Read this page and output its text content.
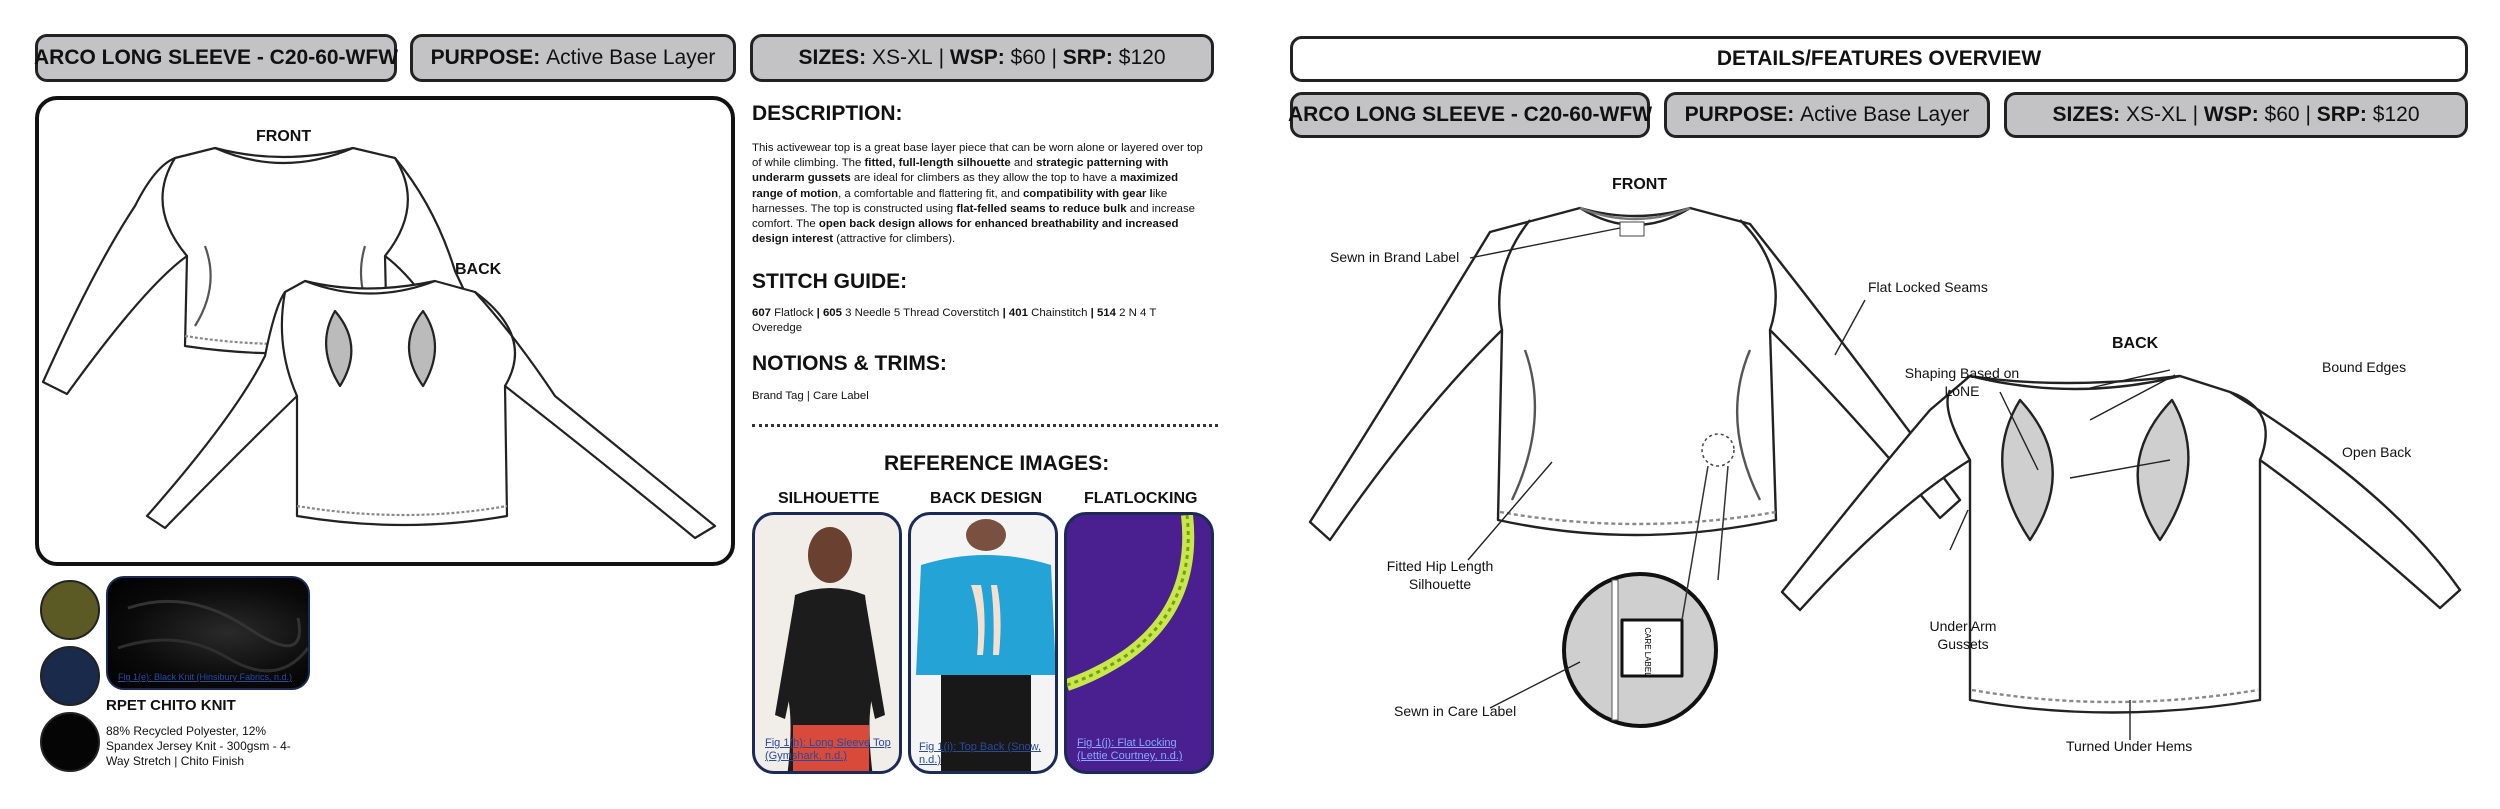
ARCO LONG SLEEVE - C20-60-WFW PURPOSE:
Active Base Layer	SIZES:
XS-XL
|
WSP:
$60
|
SRP:
$120
FRONT
BACK
Fig 1(e): Black Knit (Hinsibury Fabrics, n.d.)
RPET CHITO KNIT
88% Recycled Polyester, 12% Spandex Jersey Knit - 300gsm - 4-Way Stretch | Chito Finish
DESCRIPTION:
This activewear top is a great base layer piece that can be worn alone or layered over top of while climbing. The fitted, full-length silhouette and strategic patterning with underarm gussets are ideal for climbers as they allow the top to have a maximized range of motion, a comfortable and flattering fit, and compatibility with gear like harnesses. The top is constructed using flat-felled seams to reduce bulk and increase comfort. The open back design allows for enhanced breathability and increased design interest (attractive for climbers).
STITCH GUIDE:
607 Flatlock | 605 3 Needle 5 Thread Coverstitch | 401 Chainstitch | 514 2 N 4 T Overedge
NOTIONS & TRIMS:
Brand Tag | Care Label
REFERENCE IMAGES:
SILHOUETTE	BACK DESIGN	FLATLOCKING
Fig 1(h): Long Sleeve Top (Gymshark, n.d.)
Fig 1(i): Top Back (Snow, n.d.)
Fig 1(j): Flat Locking (Lettie Courtney, n.d.)
DETAILS/FEATURES OVERVIEW
ARCO LONG SLEEVE - C20-60-WFW PURPOSE:
Active Base Layer	SIZES:
XS-XL
|
WSP:
$60
|
SRP:
$120
FRONT
BACK
CARE LABEL
Sewn in Brand Label
Flat Locked Seams
Fitted Hip Length Silhouette
Sewn in Care Label
Shaping Based on LoNE
Bound Edges
Open Back
Under Arm Gussets
Turned Under Hems
